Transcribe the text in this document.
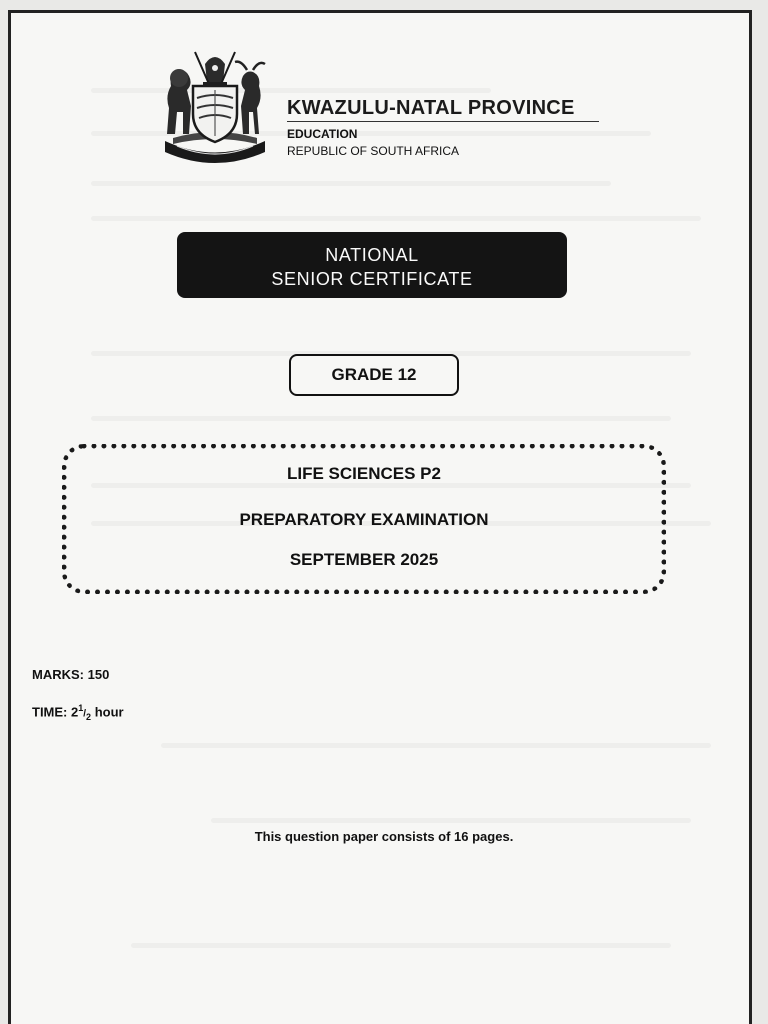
KWAZULU-NATAL PROVINCE
EDUCATION
REPUBLIC OF SOUTH AFRICA
NATIONAL
SENIOR CERTIFICATE
GRADE 12
LIFE SCIENCES P2
PREPARATORY EXAMINATION
SEPTEMBER 2025
MARKS: 150
TIME: $2^1/_2$ hour
This question paper consists of 16 pages.
